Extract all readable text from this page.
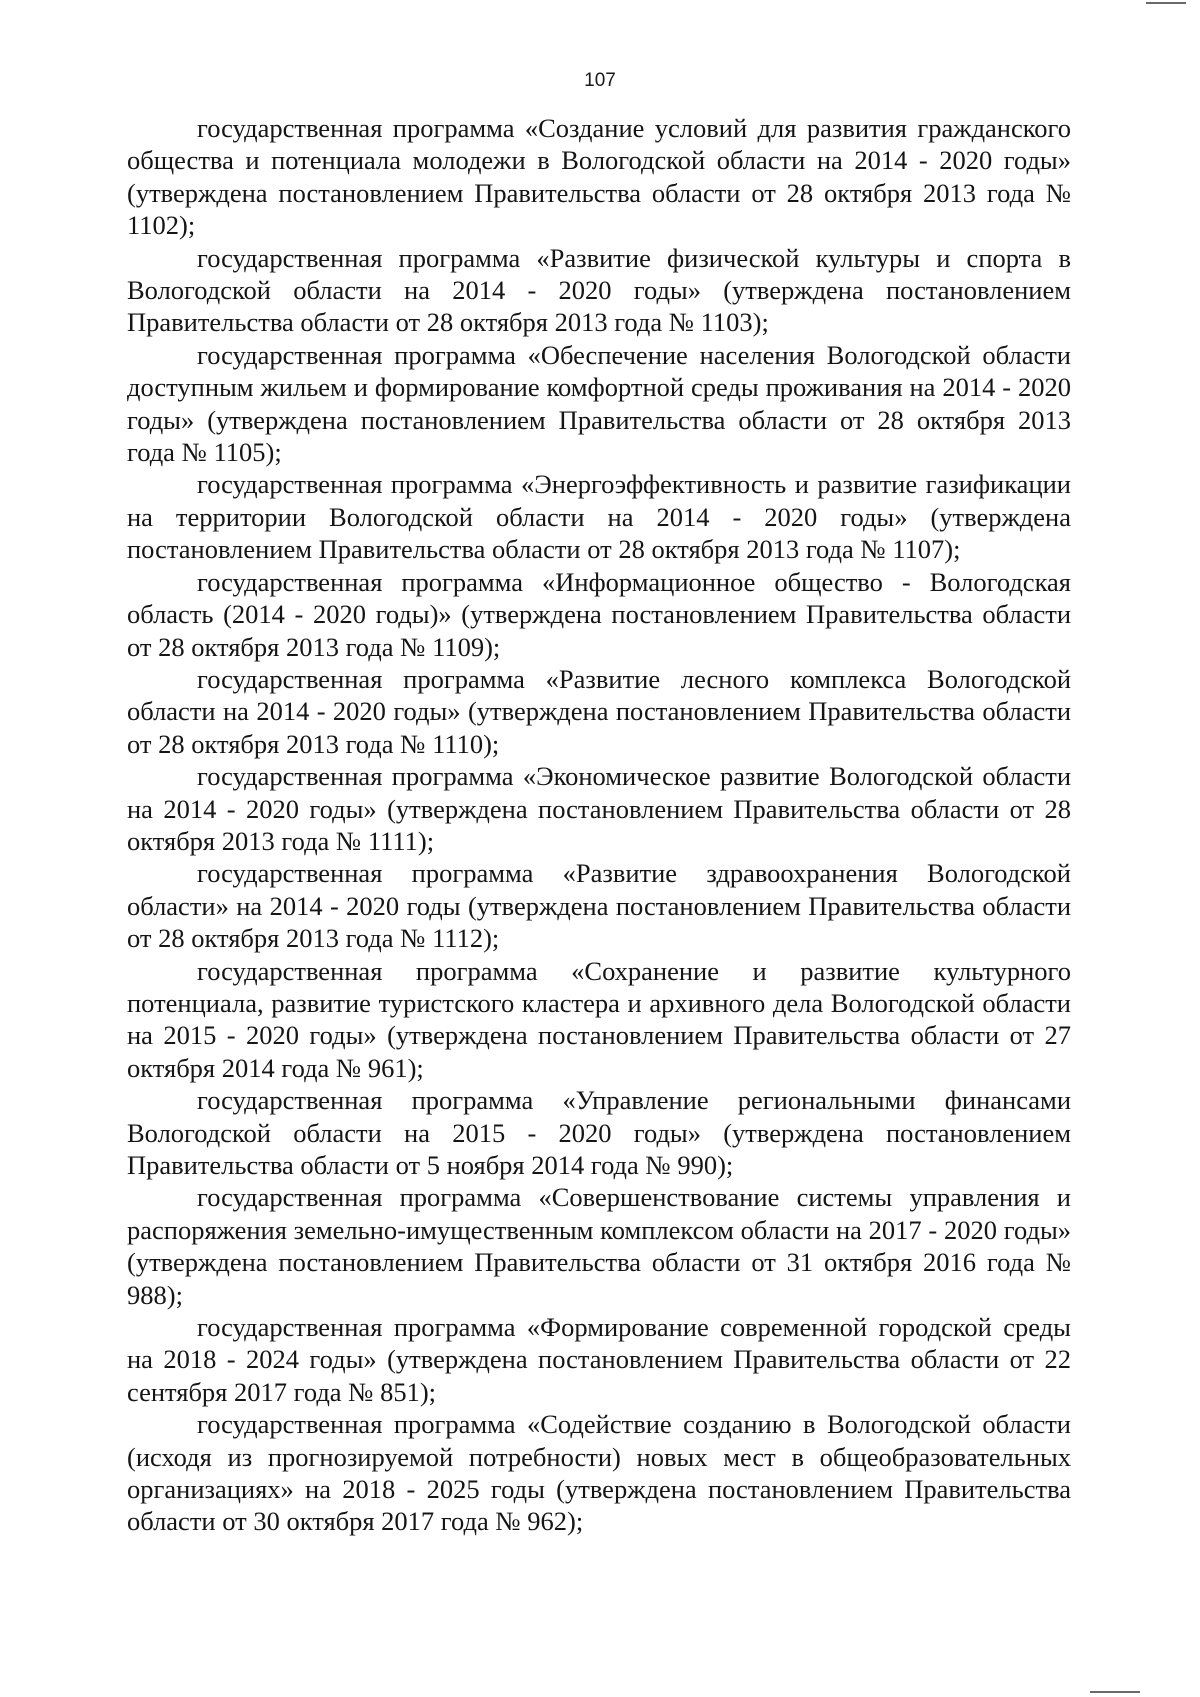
107

государственная программа «Создание условий для развития гражданского общества и потенциала молодежи в Вологодской области на 2014 - 2020 годы» (утверждена постановлением Правительства области от 28 октября 2013 года № 1102);

государственная программа «Развитие физической культуры и спорта в Вологодской области на 2014 - 2020 годы» (утверждена постановлением Правительства области от 28 октября 2013 года № 1103);

государственная программа «Обеспечение населения Вологодской области доступным жильем и формирование комфортной среды проживания на 2014 - 2020 годы» (утверждена постановлением Правительства области от 28 октября 2013 года № 1105);

государственная программа «Энергоэффективность и развитие газификации на территории Вологодской области на 2014 - 2020 годы» (утверждена постановлением Правительства области от 28 октября 2013 года № 1107);

государственная программа «Информационное общество - Вологодская область (2014 - 2020 годы)» (утверждена постановлением Правительства области от 28 октября 2013 года № 1109);

государственная программа «Развитие лесного комплекса Вологодской области на 2014 - 2020 годы» (утверждена постановлением Правительства области от 28 октября 2013 года № 1110);

государственная программа «Экономическое развитие Вологодской области на 2014 - 2020 годы» (утверждена постановлением Правительства области от 28 октября 2013 года № 1111);

государственная программа «Развитие здравоохранения Вологодской области» на 2014 - 2020 годы (утверждена постановлением Правительства области от 28 октября 2013 года № 1112);

государственная программа «Сохранение и развитие культурного потенциала, развитие туристского кластера и архивного дела Вологодской области на 2015 - 2020 годы» (утверждена постановлением Правительства области от 27 октября 2014 года № 961);

государственная программа «Управление региональными финансами Вологодской области на 2015 - 2020 годы» (утверждена постановлением Правительства области от 5 ноября 2014 года № 990);

государственная программа «Совершенствование системы управления и распоряжения земельно-имущественным комплексом области на 2017 - 2020 годы» (утверждена постановлением Правительства области от 31 октября 2016 года № 988);

государственная программа «Формирование современной городской среды на 2018 - 2024 годы» (утверждена постановлением Правительства области от 22 сентября 2017 года № 851);

государственная программа «Содействие созданию в Вологодской области (исходя из прогнозируемой потребности) новых мест в общеобразовательных организациях» на 2018 - 2025 годы (утверждена постановлением Правительства области от 30 октября 2017 года № 962);
